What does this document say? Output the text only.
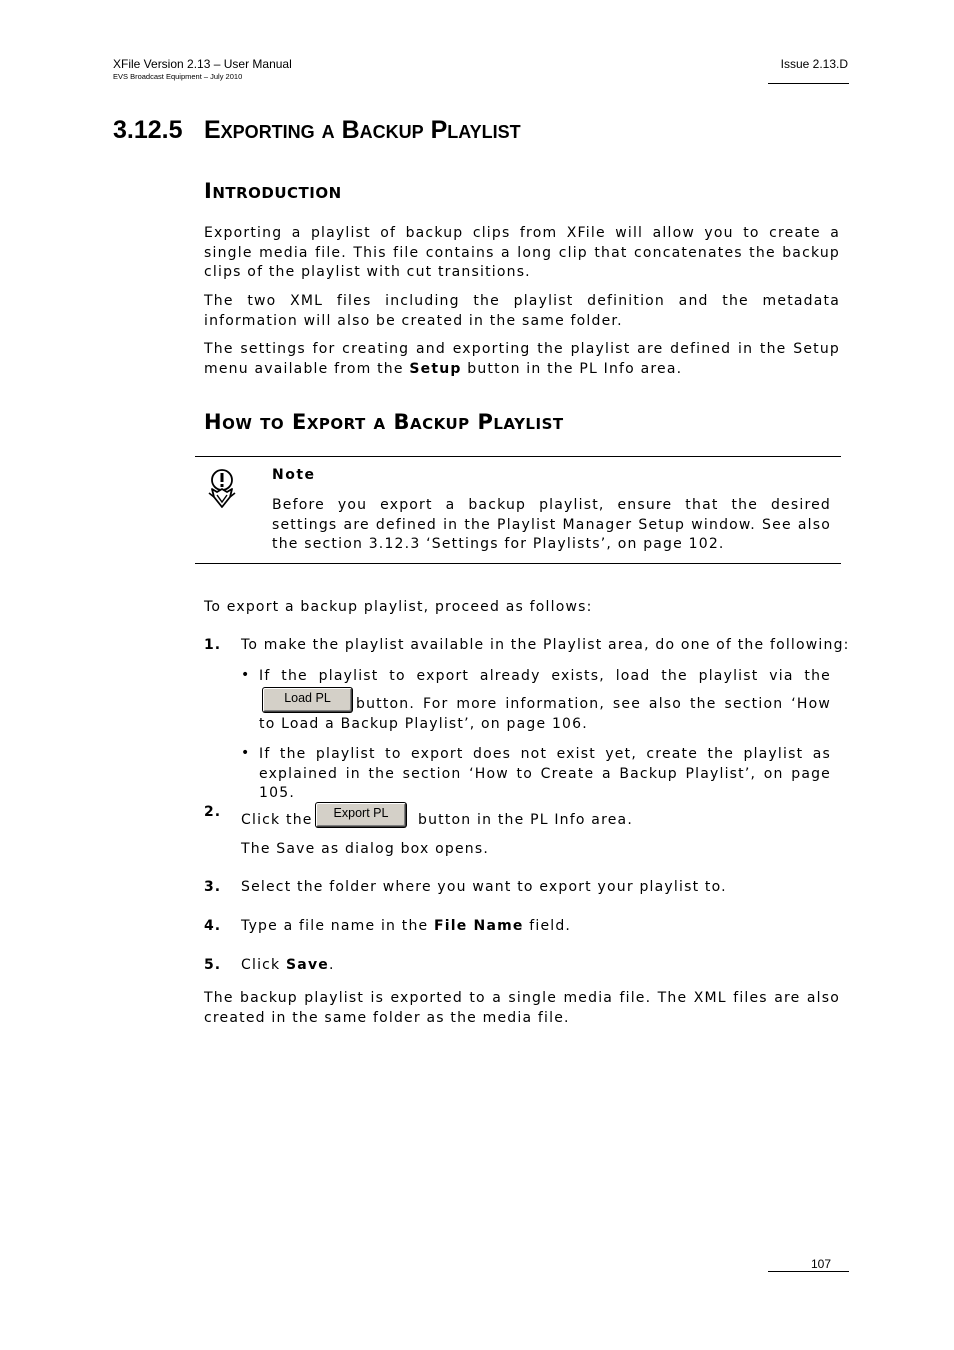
XFile Version 2.13 – User Manual
EVS Broadcast Equipment – July 2010
Issue 2.13.D
3.12.5 Exporting a Backup Playlist
Introduction

Exporting a playlist of backup clips from XFile will allow you to create a single media file. This file contains a long clip that concatenates the backup clips of the playlist with cut transitions.

The two XML files including the playlist definition and the metadata information will also be created in the same folder.

The settings for creating and exporting the playlist are defined in the Setup menu available from the Setup button in the PL Info area.

How to Export a Backup Playlist

Note

Before you export a backup playlist, ensure that the desired settings are defined in the Playlist Manager Setup window. See also the section 3.12.3 ‘Settings for Playlists’, on page 102.

To export a backup playlist, proceed as follows:

1. To make the playlist available in the Playlist area, do one of the following:

• If the playlist to export already exists, load the playlist via the

Load PL	button. For more information, see also the section ‘How to Load a Backup Playlist’, on page 106.

• If the playlist to export does not exist yet, create the playlist as explained in the section ‘How to Create a Backup Playlist’, on page 105.

2. Click the	Export PL	button in the PL Info area.

The Save as dialog box opens.

3. Select the folder where you want to export your playlist to.

4. Type a file name in the File Name field.

5. Click Save.

The backup playlist is exported to a single media file. The XML files are also created in the same folder as the media file.

107
